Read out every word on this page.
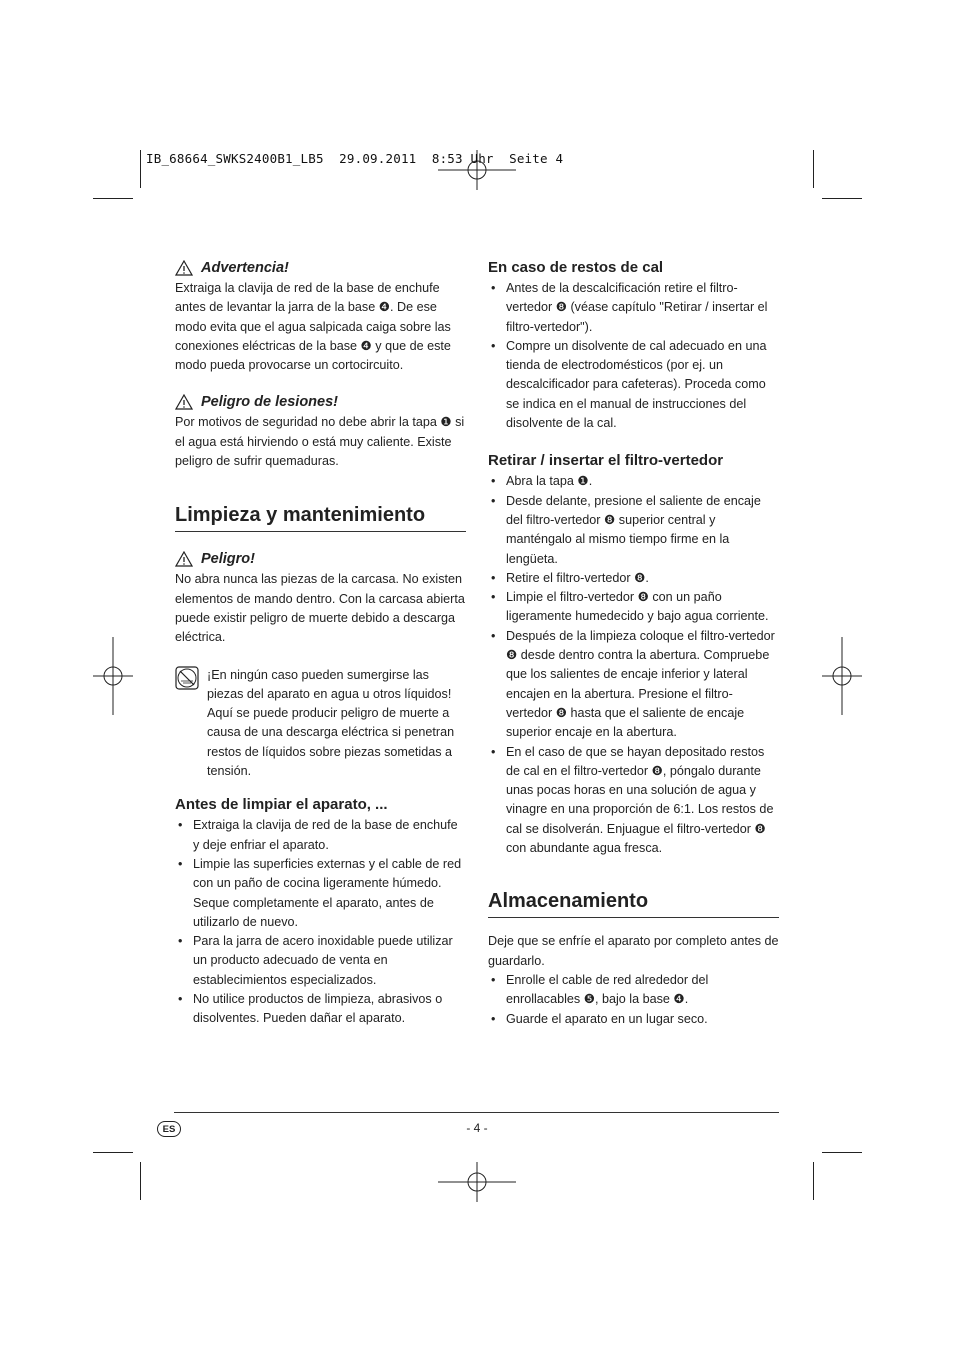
IB_68664_SWKS2400B1_LB5  29.09.2011  8:53 Uhr  Seite 4
Advertencia!

Extraiga la clavija de red de la base de enchufe antes de levantar la jarra de la base ❹. De ese modo evita que el agua salpicada caiga sobre las conexiones eléctricas de la base ❹ y que de este modo pueda provocarse un cortocircuito.

Peligro de lesiones!

Por motivos de seguridad no debe abrir la tapa ❶ si el agua está hirviendo o está muy caliente. Existe peligro de sufrir quemaduras.

Limpieza y mantenimiento
Peligro!

No abra nunca las piezas de la carcasa. No existen elementos de mando dentro. Con la carcasa abierta puede existir peligro de muerte debido a descarga eléctrica.

¡En ningún caso pueden sumergirse las piezas del aparato en agua u otros líquidos! Aquí se puede producir peligro de muerte a causa de una descarga eléctrica si penetran restos de líquidos sobre piezas sometidas a tensión.

Antes de limpiar el aparato, ...
• Extraiga la clavija de red de la base de enchufe y deje enfriar el aparato.
• Limpie las superficies externas y el cable de red con un paño de cocina ligeramente húmedo. Seque completamente el aparato, antes de utilizarlo de nuevo.
• Para la jarra de acero inoxidable puede utilizar un producto adecuado de venta en establecimientos especializados.
• No utilice productos de limpieza, abrasivos o disolventes. Pueden dañar el aparato.
En caso de restos de cal
• Antes de la descalcificación retire el filtro-vertedor ❽ (véase capítulo "Retirar / insertar el filtro-vertedor").
• Compre un disolvente de cal adecuado en una tienda de electrodomésticos (por ej. un descalcificador para cafeteras). Proceda como se indica en el manual de instrucciones del disolvente de la cal.
Retirar / insertar el filtro-vertedor
• Abra la tapa ❶.
• Desde delante, presione el saliente de encaje del filtro-vertedor ❽ superior central y manténgalo al mismo tiempo firme en la lengüeta.
• Retire el filtro-vertedor ❽.
• Limpie el filtro-vertedor ❽ con un paño ligeramente humedecido y bajo agua corriente.
• Después de la limpieza coloque el filtro-vertedor ❽ desde dentro contra la abertura. Compruebe que los salientes de encaje inferior y lateral encajen en la abertura. Presione el filtro-vertedor ❽ hasta que el saliente de encaje superior encaje en la abertura.
• En el caso de que se hayan depositado restos de cal en el filtro-vertedor ❽, póngalo durante unas pocas horas en una solución de agua y vinagre en una proporción de 6:1. Los restos de cal se disolverán. Enjuague el filtro-vertedor ❽ con abundante agua fresca.
Almacenamiento

Deje que se enfríe el aparato por completo antes de guardarlo.

• Enrolle el cable de red alrededor del enrollacables ❺, bajo la base ❹.
• Guarde el aparato en un lugar seco.
ES	- 4 -
